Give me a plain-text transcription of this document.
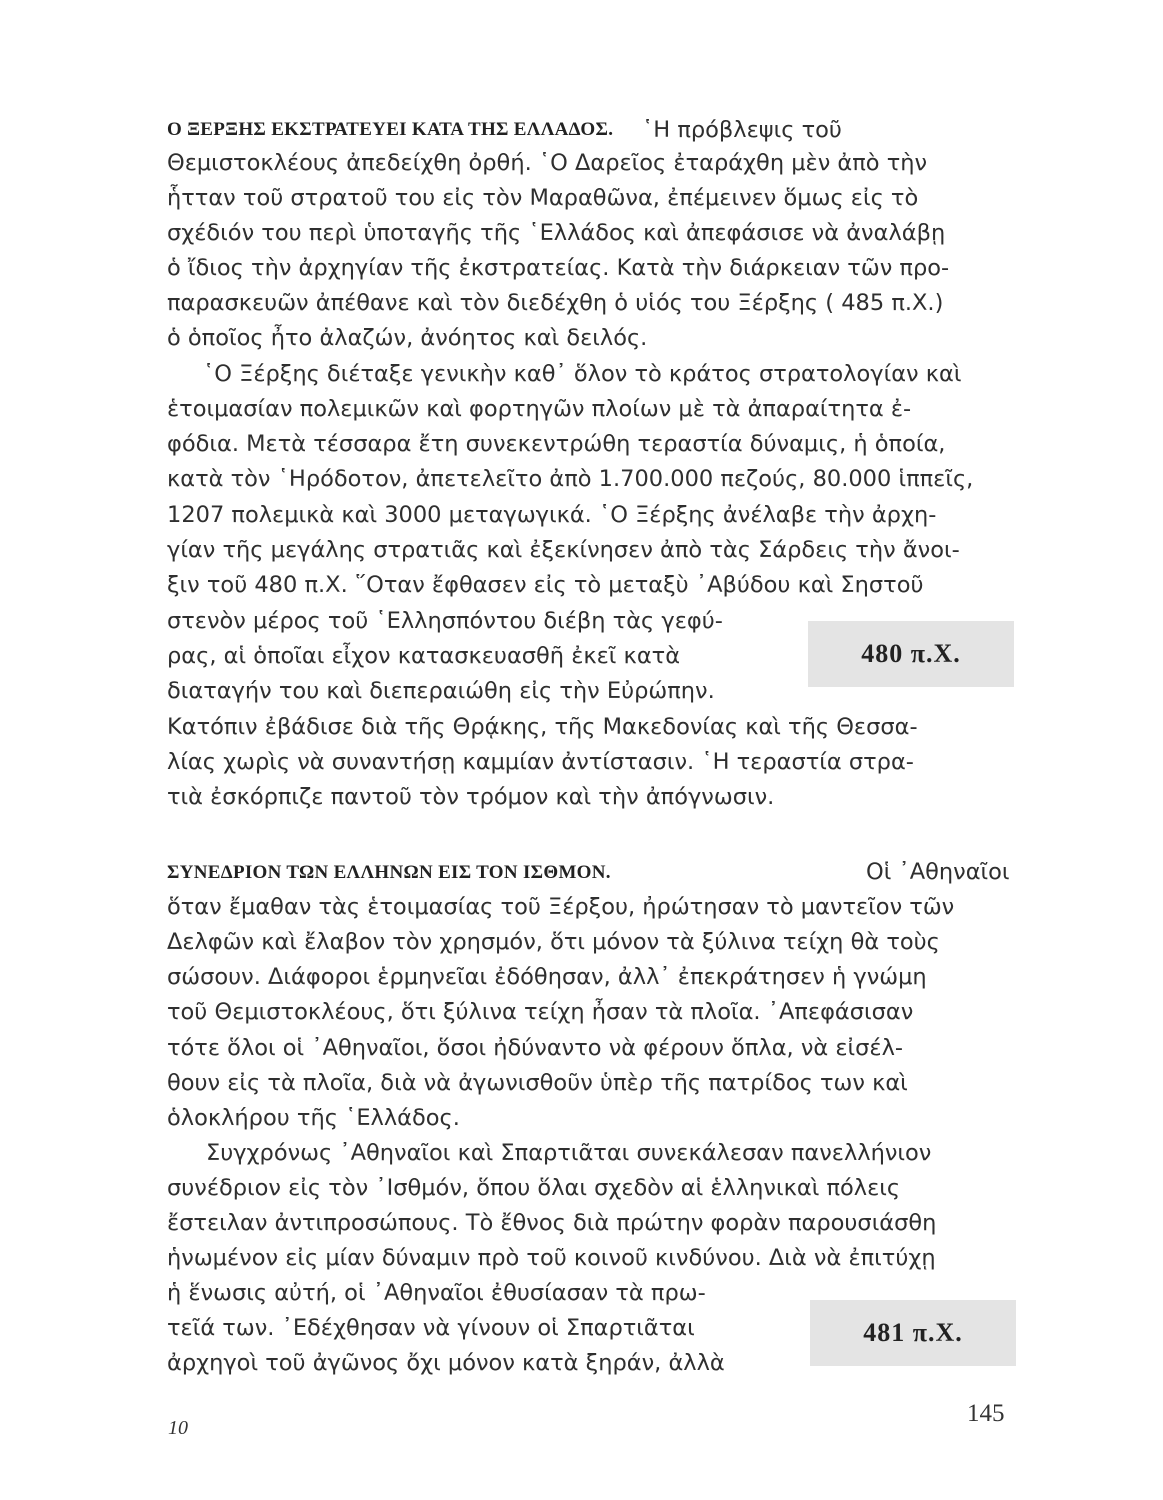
Ο ΞΕΡΞΗΣ ΕΚΣΤΡΑΤΕΥΕΙ ΚΑΤΑ ΤΗΣ ΕΛΛΑΔΟΣ. ῾Η πρόβλεψις τοῦ
Θεμιστοκλέους ἀπεδείχθη ὀρθή. ῾Ο Δαρεῖος ἐταράχθη μὲν ἀπὸ τὴν
ἧτταν τοῦ στρατοῦ του εἰς τὸν Μαραθῶνα, ἐπέμεινεν ὅμως εἰς τὸ
σχέδιόν του περὶ ὑποταγῆς τῆς ῾Ελλάδος καὶ ἀπεφάσισε νὰ ἀναλάβῃ
ὁ ἴδιος τὴν ἀρχηγίαν τῆς ἐκστρατείας. Κατὰ τὴν διάρκειαν τῶν προ-
παρασκευῶν ἀπέθανε καὶ τὸν διεδέχθη ὁ υἱός του Ξέρξης ( 485 π.Χ.)
ὁ ὁποῖος ἦτο ἀλαζών, ἀνόητος καὶ δειλός.
῾Ο Ξέρξης διέταξε γενικὴν καθ᾽ ὅλον τὸ κράτος στρατολογίαν καὶ
ἑτοιμασίαν πολεμικῶν καὶ φορτηγῶν πλοίων μὲ τὰ ἀπαραίτητα ἐ-
φόδια. Μετὰ τέσσαρα ἔτη συνεκεντρώθη τεραστία δύναμις, ἡ ὁποία,
κατὰ τὸν ῾Ηρόδοτον, ἀπετελεῖτο ἀπὸ 1.700.000 πεζούς, 80.000 ἱππεῖς,
1207 πολεμικὰ καὶ 3000 μεταγωγικά. ῾Ο Ξέρξης ἀνέλαβε τὴν ἀρχη-
γίαν τῆς μεγάλης στρατιᾶς καὶ ἐξεκίνησεν ἀπὸ τὰς Σάρδεις τὴν ἄνοι-
ξιν τοῦ 480 π.Χ. ῞Οταν ἔφθασεν εἰς τὸ μεταξὺ ᾽Αβύδου καὶ Σηστοῦ
στενὸν μέρος τοῦ ῾Ελλησπόντου διέβη τὰς γεφύ-
ρας, αἱ ὁποῖαι εἶχον κατασκευασθῆ ἐκεῖ κατὰ
διαταγήν του καὶ διεπεραιώθη εἰς τὴν Εὐρώπην.
Κατόπιν ἐβάδισε διὰ τῆς Θρᾴκης, τῆς Μακεδονίας καὶ τῆς Θεσσα-
λίας χωρὶς νὰ συναντήσῃ καμμίαν ἀντίστασιν. ῾Η τεραστία στρα-
τιὰ ἐσκόρπιζε παντοῦ τὸν τρόμον καὶ τὴν ἀπόγνωσιν.
480 π.Χ.
ΣΥΝΕΔΡΙΟΝ ΤΩΝ ΕΛΛΗΝΩΝ ΕΙΣ ΤΟΝ ΙΣΘΜΟΝ.	Οἱ ᾽Αθηναῖοι
ὅταν ἔμαθαν τὰς ἑτοιμασίας τοῦ Ξέρξου, ἠρώτησαν τὸ μαντεῖον τῶν
Δελφῶν καὶ ἔλαβον τὸν χρησμόν, ὅτι μόνον τὰ ξύλινα τείχη θὰ τοὺς
σώσουν. Διάφοροι ἑρμηνεῖαι ἐδόθησαν, ἀλλ᾽ ἐπεκράτησεν ἡ γνώμη
τοῦ Θεμιστοκλέους, ὅτι ξύλινα τείχη ἦσαν τὰ πλοῖα. ᾽Απεφάσισαν
τότε ὅλοι οἱ ᾽Αθηναῖοι, ὅσοι ἠδύναντο νὰ φέρουν ὅπλα, νὰ εἰσέλ-
θουν εἰς τὰ πλοῖα, διὰ νὰ ἀγωνισθοῦν ὑπὲρ τῆς πατρίδος των καὶ
ὁλοκλήρου τῆς ῾Ελλάδος.
Συγχρόνως ᾽Αθηναῖοι καὶ Σπαρτιᾶται συνεκάλεσαν πανελλήνιον
συνέδριον εἰς τὸν ᾽Ισθμόν, ὅπου ὅλαι σχεδὸν αἱ ἑλληνικαὶ πόλεις
ἔστειλαν ἀντιπροσώπους. Τὸ ἔθνος διὰ πρώτην φορὰν παρουσιάσθη
ἡνωμένον εἰς μίαν δύναμιν πρὸ τοῦ κοινοῦ κινδύνου. Διὰ νὰ ἐπιτύχῃ
ἡ ἕνωσις αὐτή, οἱ ᾽Αθηναῖοι ἐθυσίασαν τὰ πρω-
τεῖά των. ᾽Εδέχθησαν νὰ γίνουν οἱ Σπαρτιᾶται
ἀρχηγοὶ τοῦ ἀγῶνος ὄχι μόνον κατὰ ξηράν, ἀλλὰ
481 π.Χ.
10
145
